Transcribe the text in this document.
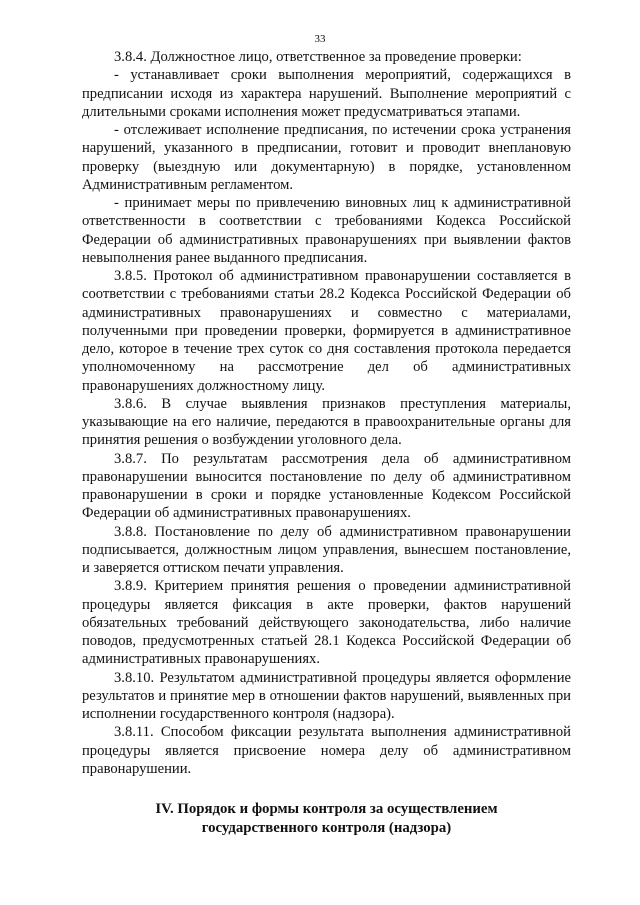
33

3.8.4. Должностное лицо, ответственное за проведение проверки:

- устанавливает сроки выполнения мероприятий, содержащихся в предписании исходя из характера нарушений. Выполнение мероприятий с длительными сроками исполнения может предусматриваться этапами.

- отслеживает исполнение предписания, по истечении срока устранения нарушений, указанного в предписании, готовит и проводит внеплановую проверку (выездную или документарную) в порядке, установленном Административным регламентом.

- принимает меры по привлечению виновных лиц к административной ответственности в соответствии с требованиями Кодекса Российской Федерации об административных правонарушениях при выявлении фактов невыполнения ранее выданного предписания.

3.8.5. Протокол об административном правонарушении составляется в соответствии с требованиями статьи 28.2 Кодекса Российской Федерации об административных правонарушениях и совместно с материалами, полученными при проведении проверки, формируется в административное дело, которое в течение трех суток со дня составления протокола передается уполномоченному на рассмотрение дел об административных правонарушениях должностному лицу.

3.8.6. В случае выявления признаков преступления материалы, указывающие на его наличие, передаются в правоохранительные органы для принятия решения о возбуждении уголовного дела.

3.8.7. По результатам рассмотрения дела об административном правонарушении выносится постановление по делу об административном правонарушении в сроки и порядке установленные Кодексом Российской Федерации об административных правонарушениях.

3.8.8. Постановление по делу об административном правонарушении подписывается, должностным лицом управления, вынесшем постановление, и заверяется оттиском печати управления.

3.8.9. Критерием принятия решения о проведении административной процедуры является фиксация в акте проверки, фактов нарушений обязательных требований действующего законодательства, либо наличие поводов, предусмотренных статьей 28.1 Кодекса Российской Федерации об административных правонарушениях.

3.8.10. Результатом административной процедуры является оформление результатов и принятие мер в отношении фактов нарушений, выявленных при исполнении государственного контроля (надзора).

3.8.11. Способом фиксации результата выполнения административной процедуры является присвоение номера делу об административном правонарушении.

IV. Порядок и формы контроля за осуществлением
государственного контроля (надзора)
